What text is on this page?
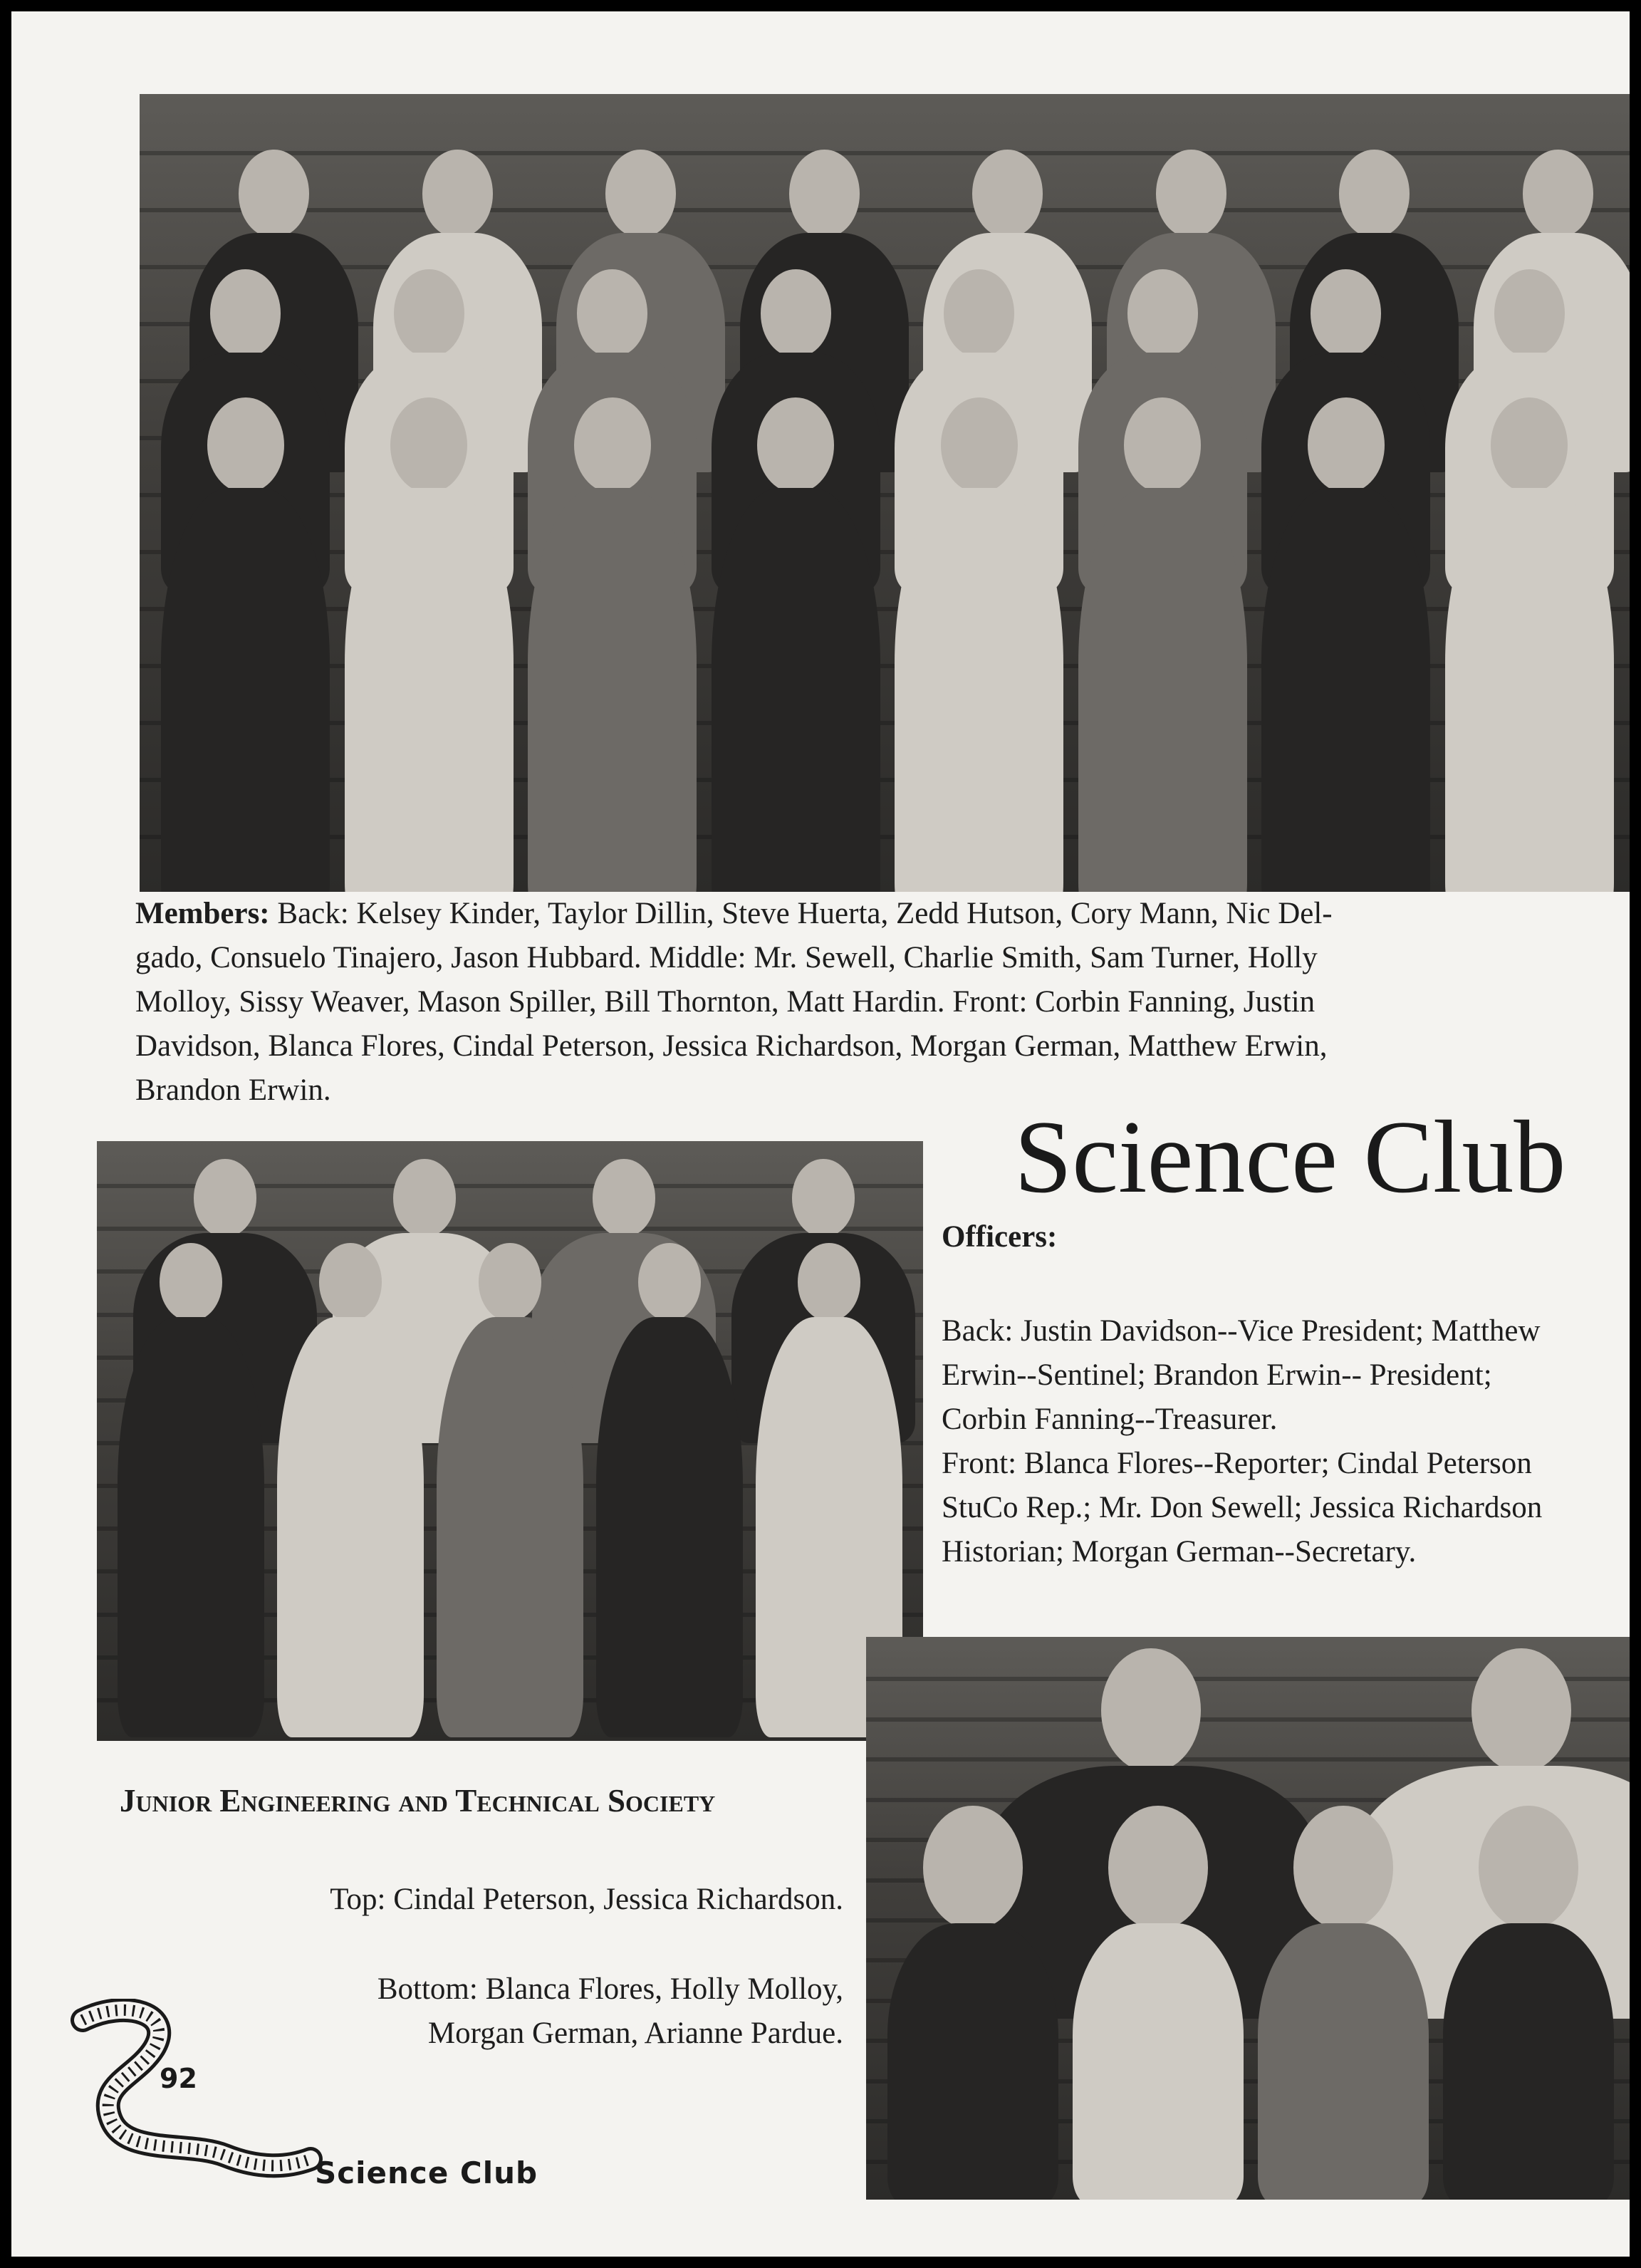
Members: Back: Kelsey Kinder, Taylor Dillin, Steve Huerta, Zedd Hutson, Cory Mann, Nic Del-
gado, Consuelo Tinajero, Jason Hubbard. Middle: Mr. Sewell, Charlie Smith, Sam Turner, Holly
Molloy, Sissy Weaver, Mason Spiller, Bill Thornton, Matt Hardin. Front: Corbin Fanning, Justin
Davidson, Blanca Flores, Cindal Peterson, Jessica Richardson, Morgan German, Matthew Erwin,
Brandon Erwin.
Science Club
Officers:
Back: Justin Davidson--Vice President; Matthew
Erwin--Sentinel; Brandon Erwin-- President;
Corbin Fanning--Treasurer.
Front: Blanca Flores--Reporter; Cindal Peterson
StuCo Rep.; Mr. Don Sewell; Jessica Richardson
Historian; Morgan German--Secretary.
Junior Engineering and Technical Society
Top: Cindal Peterson, Jessica Richardson.
Bottom: Blanca Flores, Holly Molloy,
Morgan German, Arianne Pardue.
92
Science Club
